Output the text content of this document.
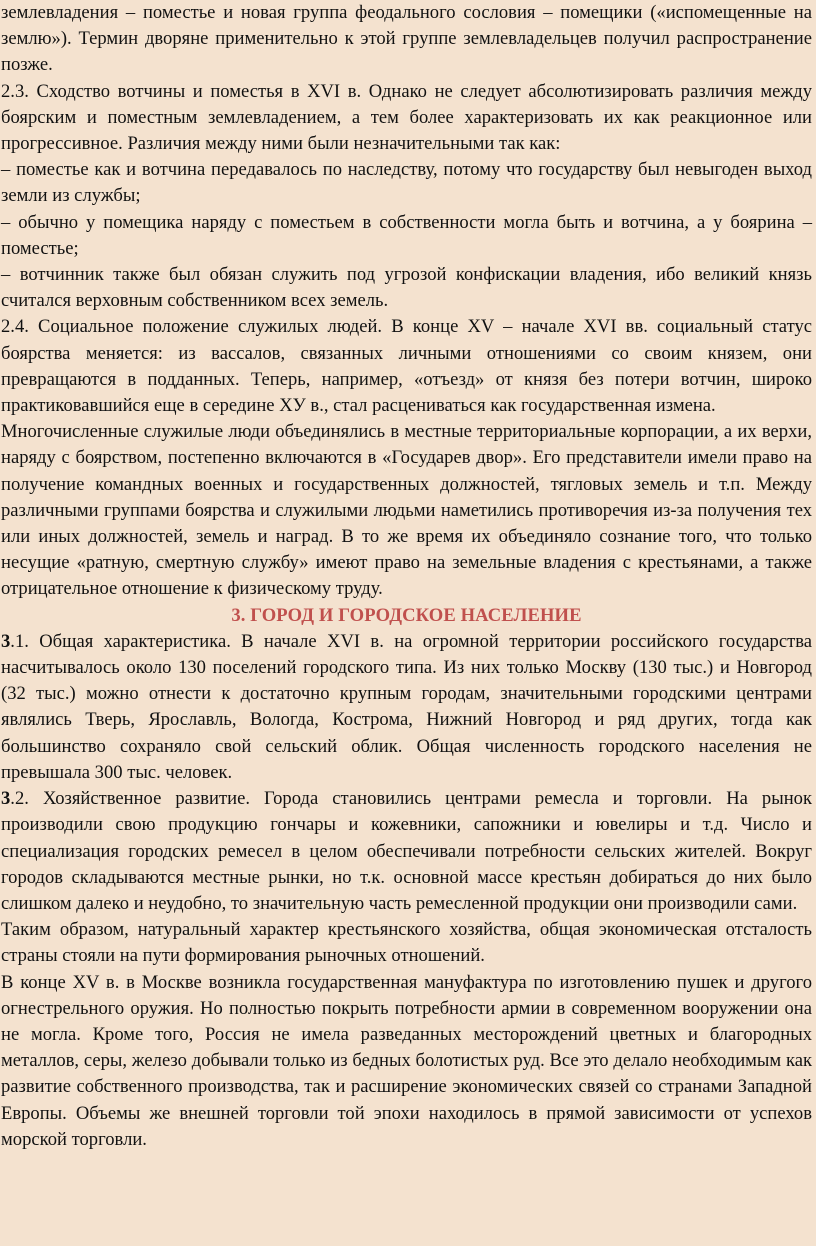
землевладения – поместье и новая группа феодального сословия – помещики («испомещенные на землю»). Термин дворяне применительно к этой группе землевладельцев получил распространение позже.

2.3. Сходство вотчины и поместья в XVI в. Однако не следует абсолютизировать различия между боярским и поместным землевладением, а тем более характеризовать их как реакционное или прогрессивное. Различия между ними были незначительными так как:

– поместье как и вотчина передавалось по наследству, потому что государству был невыгоден выход земли из службы;

– обычно у помещика наряду с поместьем в собственности могла быть и вотчина, а у боярина – поместье;

– вотчинник также был обязан служить под угрозой конфискации владения, ибо великий князь считался верховным собственником всех земель.

2.4. Социальное положение служилых людей. В конце XV – начале XVI вв. социальный статус боярства меняется: из вассалов, связанных личными отношениями со своим князем, они превращаются в подданных. Теперь, например, «отъезд» от князя без потери вотчин, широко практиковавшийся еще в середине ХУ в., стал расцениваться как государственная измена.

Многочисленные служилые люди объединялись в местные территориальные корпорации, а их верхи, наряду с боярством, постепенно включаются в «Государев двор». Его представители имели право на получение командных военных и государственных должностей, тягловых земель и т.п. Между различными группами боярства и служилыми людьми наметились противоречия из-за получения тех или иных должностей, земель и наград. В то же время их объединяло сознание того, что только несущие «ратную, смертную службу» имеют право на земельные владения с крестьянами, а также отрицательное отношение к физическому труду.

3. ГОРОД И ГОРОДСКОЕ НАСЕЛЕНИЕ

3.1. Общая характеристика. В начале XVI в. на огромной территории российского государства насчитывалось около 130 поселений городского типа. Из них только Москву (130 тыс.) и Новгород (32 тыс.) можно отнести к достаточно крупным городам, значительными городскими центрами являлись Тверь, Ярославль, Вологда, Кострома, Нижний Новгород и ряд других, тогда как большинство сохраняло свой сельский облик. Общая численность городского населения не превышала 300 тыс. человек.

3.2. Хозяйственное развитие. Города становились центрами ремесла и торговли. На рынок производили свою продукцию гончары и кожевники, сапожники и ювелиры и т.д. Число и специализация городских ремесел в целом обеспечивали потребности сельских жителей. Вокруг городов складываются местные рынки, но т.к. основной массе крестьян добираться до них было слишком далеко и неудобно, то значительную часть ремесленной продукции они производили сами.

Таким образом, натуральный характер крестьянского хозяйства, общая экономическая отсталость страны стояли на пути формирования рыночных отношений.

В конце XV в. в Москве возникла государственная мануфактура по изготовлению пушек и другого огнестрельного оружия. Но полностью покрыть потребности армии в современном вооружении она не могла. Кроме того, Россия не имела разведанных месторождений цветных и благородных металлов, серы, железо добывали только из бедных болотистых руд. Все это делало необходимым как развитие собственного производства, так и расширение экономических связей со странами Западной Европы. Объемы же внешней торговли той эпохи находилось в прямой зависимости от успехов морской торговли.
